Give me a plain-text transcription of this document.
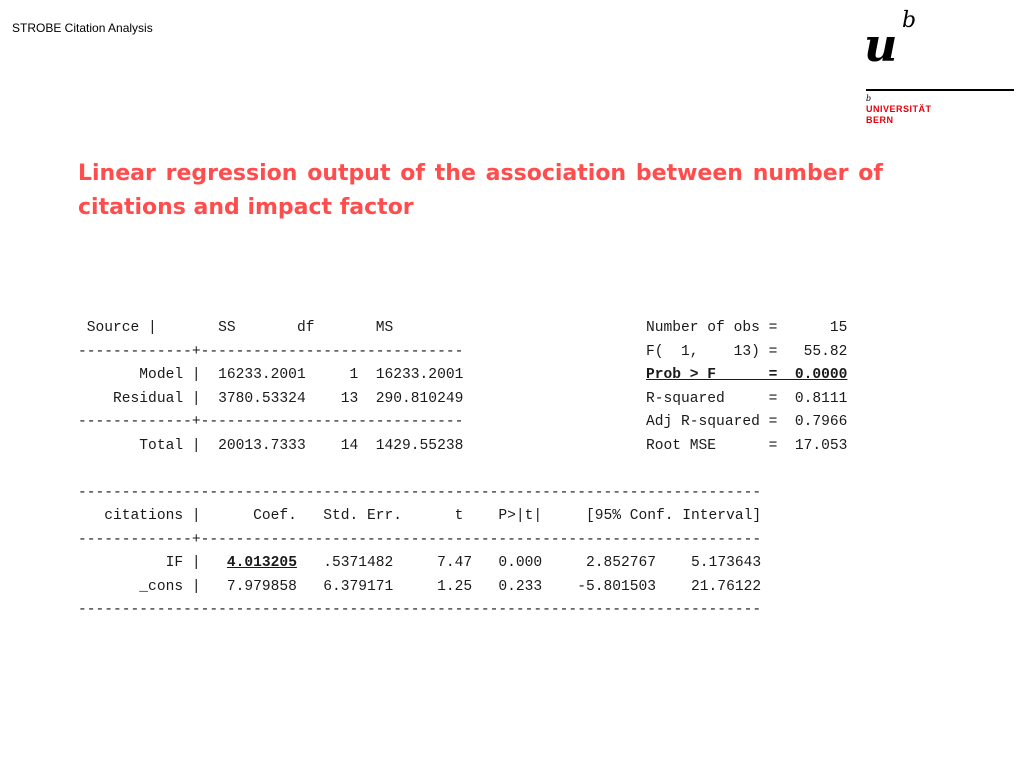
STROBE Citation Analysis	u b
b
UNIVERSITÄT
BERN
Linear regression output of the association between number of citations and impact factor

Source |       SS       df       MS

	Number of obs =      15

-------------+------------------------------

	F(  1,    13) =   55.82

Model |  16233.2001     1  16233.2001

	Prob > F      =  0.0000

Residual |  3780.53324    13  290.810249

	R-squared     =  0.8111

-------------+------------------------------

	Adj R-squared =  0.7966

Total |  20013.7333    14  1429.55238

	Root MSE      =  17.053

------------------------------------------------------------------------------

citations |      Coef.   Std. Err.      t    P>|t|     [95% Conf. Interval]

-------------+----------------------------------------------------------------

IF |   4.013205   .5371482     7.47   0.000     2.852767    5.173643

_cons |   7.979858   6.379171     1.25   0.233    -5.801503    21.76122

------------------------------------------------------------------------------
